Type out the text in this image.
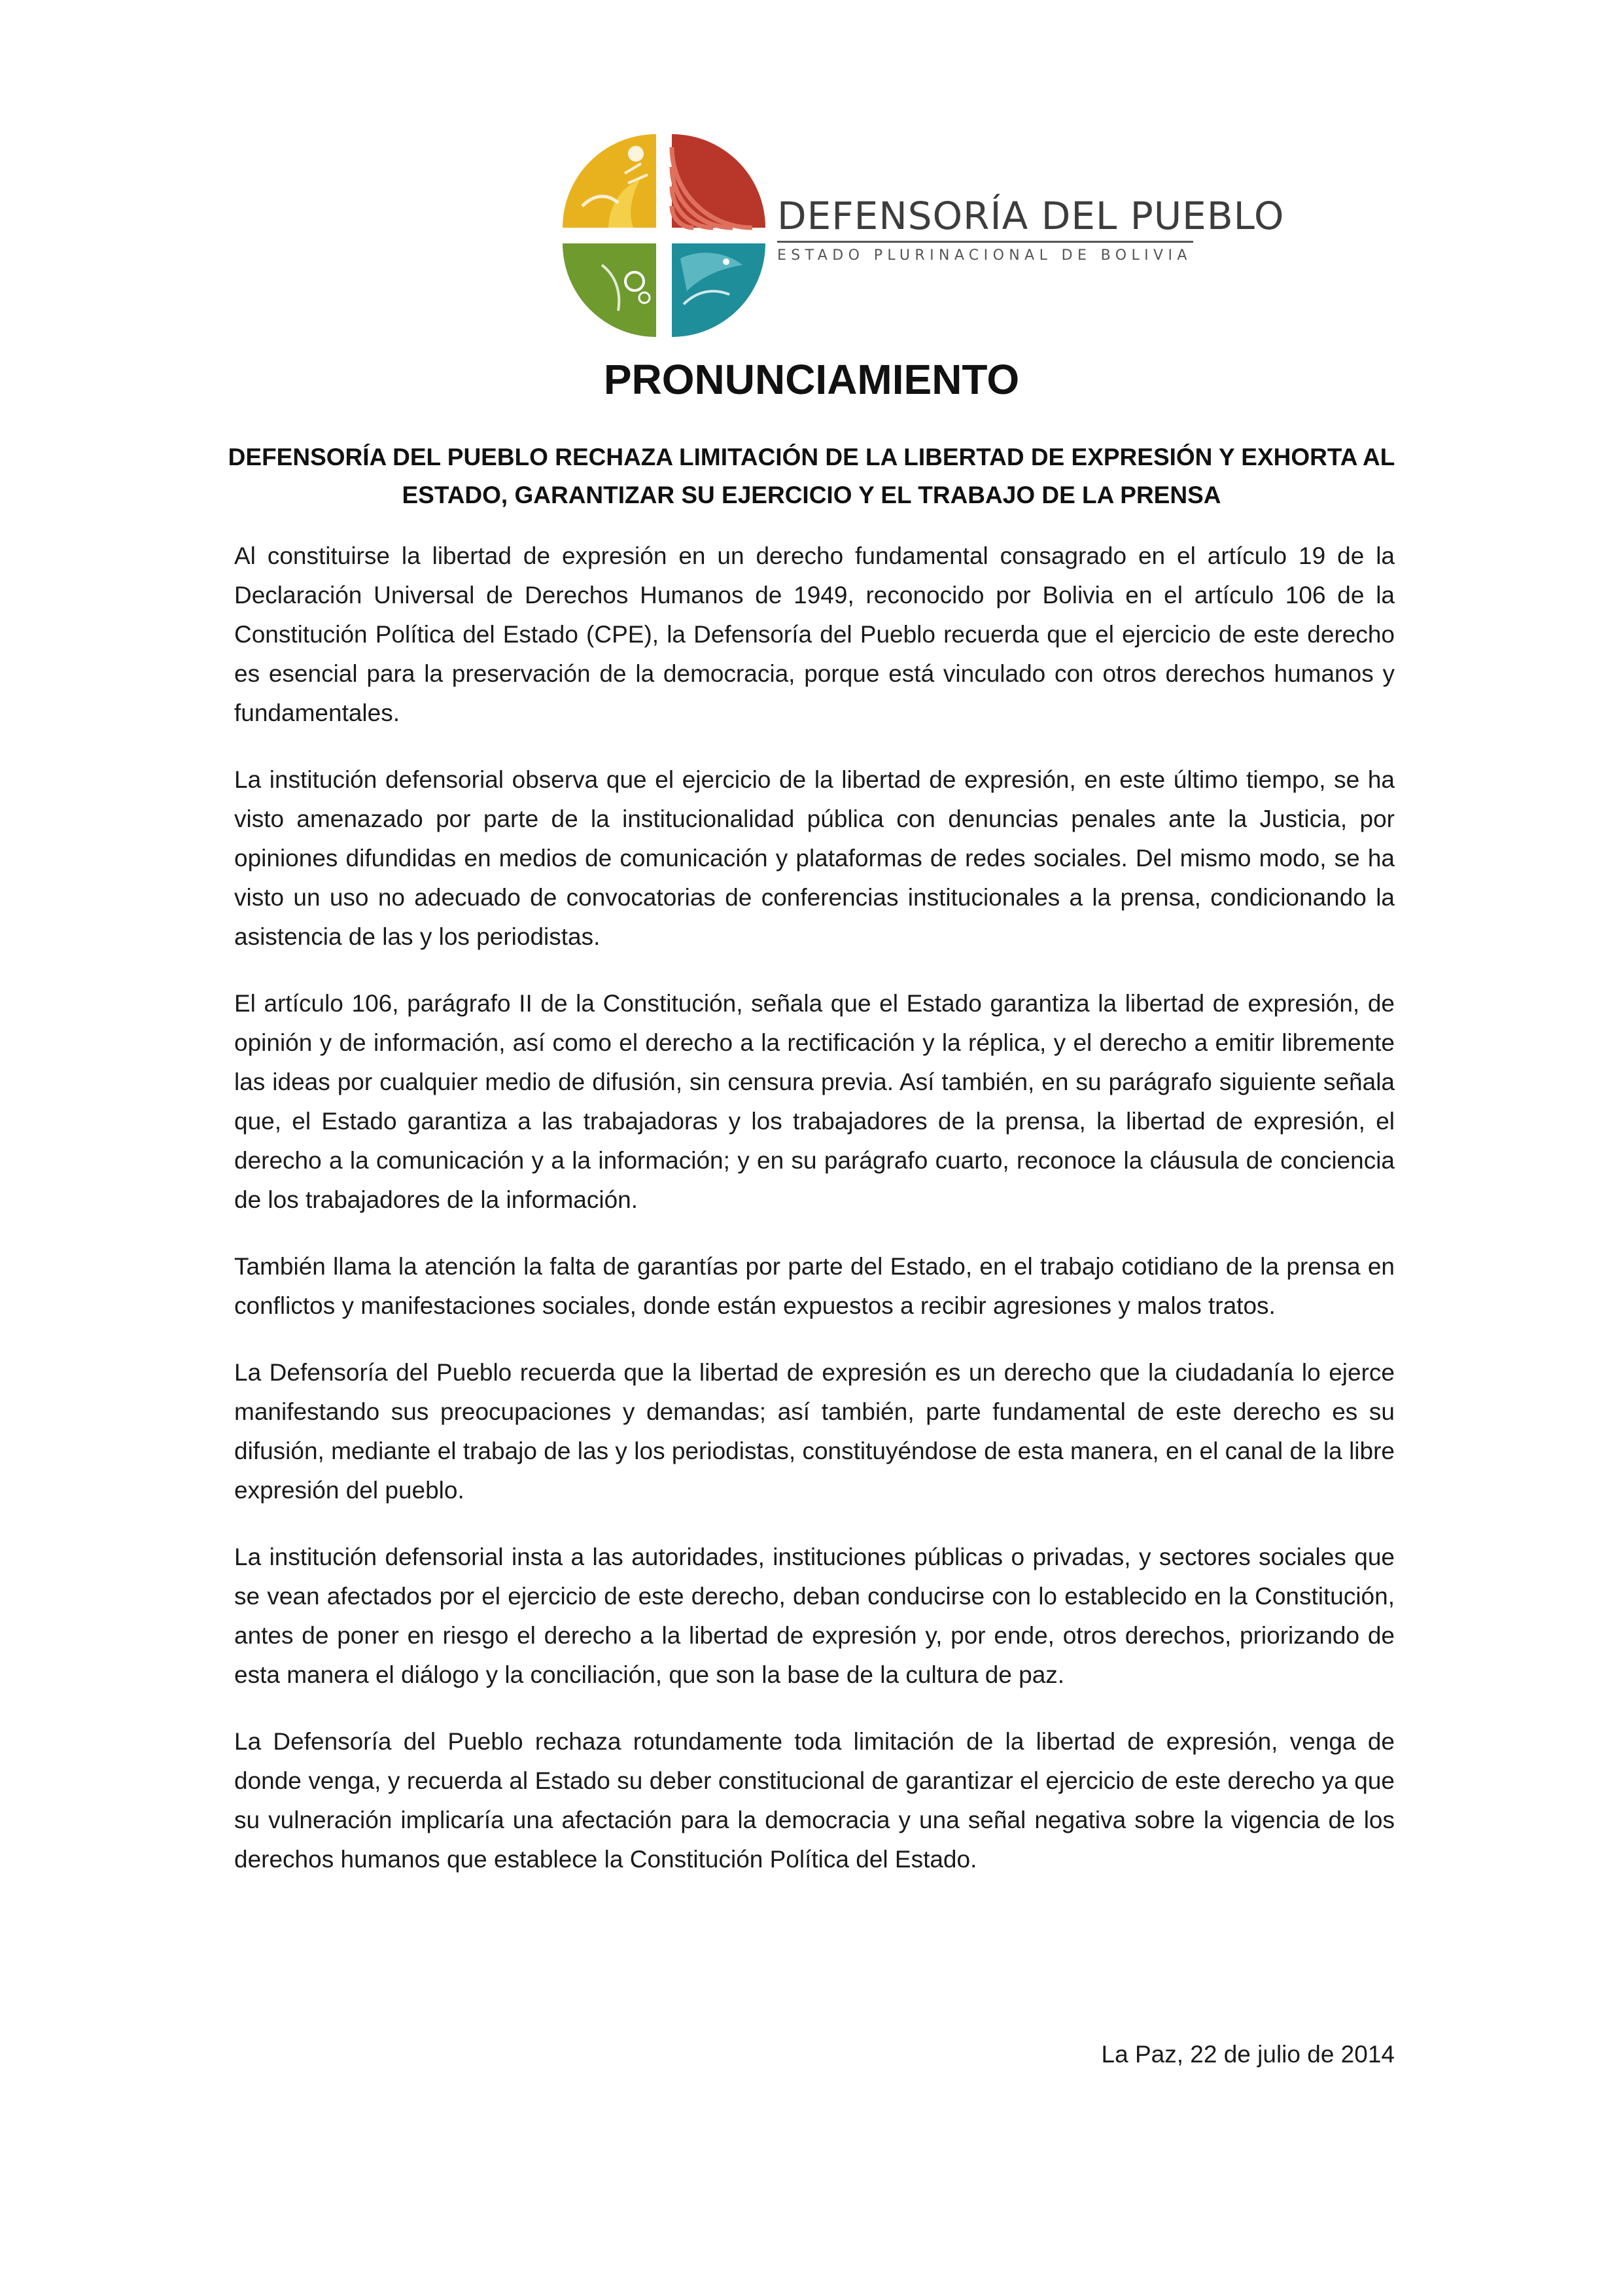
DEFENSORÍA DEL PUEBLO
ESTADO PLURINACIONAL DE BOLIVIA
PRONUNCIAMIENTO
DEFENSORÍA DEL PUEBLO RECHAZA LIMITACIÓN DE LA LIBERTAD DE EXPRESIÓN Y EXHORTA AL ESTADO, GARANTIZAR SU EJERCICIO Y EL TRABAJO DE LA PRENSA

Al constituirse la libertad de expresión en un derecho fundamental consagrado en el artículo 19 de la Declaración Universal de Derechos Humanos de 1949, reconocido por Bolivia en el artículo 106 de la Constitución Política del Estado (CPE), la Defensoría del Pueblo recuerda que el ejercicio de este derecho es esencial para la preservación de la democracia, porque está vinculado con otros derechos humanos y fundamentales.

La institución defensorial observa que el ejercicio de la libertad de expresión, en este último tiempo, se ha visto amenazado por parte de la institucionalidad pública con denuncias penales ante la Justicia, por opiniones difundidas en medios de comunicación y plataformas de redes sociales. Del mismo modo, se ha visto un uso no adecuado de convocatorias de conferencias institucionales a la prensa, condicionando la asistencia de las y los periodistas.

El artículo 106, parágrafo II de la Constitución, señala que el Estado garantiza la libertad de expresión, de opinión y de información, así como el derecho a la rectificación y la réplica, y el derecho a emitir libremente las ideas por cualquier medio de difusión, sin censura previa. Así también, en su parágrafo siguiente señala que, el Estado garantiza a las trabajadoras y los trabajadores de la prensa, la libertad de expresión, el derecho a la comunicación y a la información; y en su parágrafo cuarto, reconoce la cláusula de conciencia de los trabajadores de la información.

También llama la atención la falta de garantías por parte del Estado, en el trabajo cotidiano de la prensa en conflictos y manifestaciones sociales, donde están expuestos a recibir agresiones y malos tratos.

La Defensoría del Pueblo recuerda que la libertad de expresión es un derecho que la ciudadanía lo ejerce manifestando sus preocupaciones y demandas; así también, parte fundamental de este derecho es su difusión, mediante el trabajo de las y los periodistas, constituyéndose de esta manera, en el canal de la libre expresión del pueblo.

La institución defensorial insta a las autoridades, instituciones públicas o privadas, y sectores sociales que se vean afectados por el ejercicio de este derecho, deban conducirse con lo establecido en la Constitución, antes de poner en riesgo el derecho a la libertad de expresión y, por ende, otros derechos, priorizando de esta manera el diálogo y la conciliación, que son la base de la cultura de paz.

La Defensoría del Pueblo rechaza rotundamente toda limitación de la libertad de expresión, venga de donde venga, y recuerda al Estado su deber constitucional de garantizar el ejercicio de este derecho ya que su vulneración implicaría una afectación para la democracia y una señal negativa sobre la vigencia de los derechos humanos que establece la Constitución Política del Estado.

La Paz, 22 de julio de 2014
